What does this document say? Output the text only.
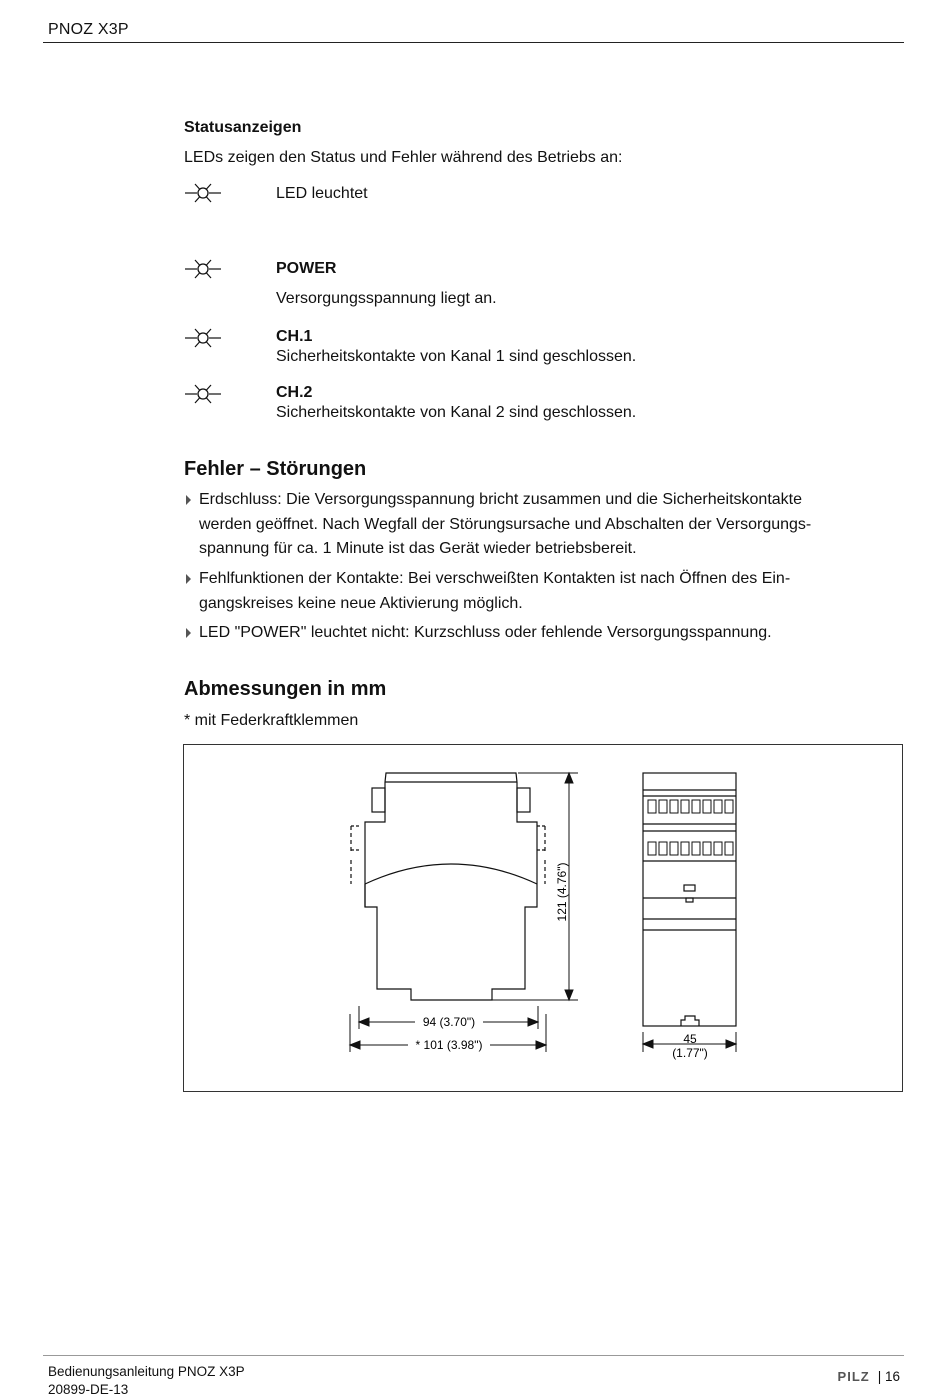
PNOZ X3P
Statusanzeigen
LEDs zeigen den Status und Fehler während des Betriebs an:
LED leuchtet
POWER
Versorgungsspannung liegt an.
CH.1
Sicherheitskontakte von Kanal 1 sind geschlossen.
CH.2
Sicherheitskontakte von Kanal 2 sind geschlossen.
Fehler – Störungen
Erdschluss: Die Versorgungsspannung bricht zusammen und die Sicherheitskontakte
werden geöffnet. Nach Wegfall der Störungsursache und Abschalten der Versorgungs-
spannung für ca. 1 Minute ist das Gerät wieder betriebsbereit.
Fehlfunktionen der Kontakte: Bei verschweißten Kontakten ist nach Öffnen des Ein-
gangskreises keine neue Aktivierung möglich.
LED "POWER" leuchtet nicht: Kurzschluss oder fehlende Versorgungsspannung.
Abmessungen in mm
* mit Federkraftklemmen
121 (4.76")
94 (3.70")
* 101 (3.98")	45
(1.77")
Bedienungsanleitung PNOZ X3P
20899-DE-13
PILZ | 16
